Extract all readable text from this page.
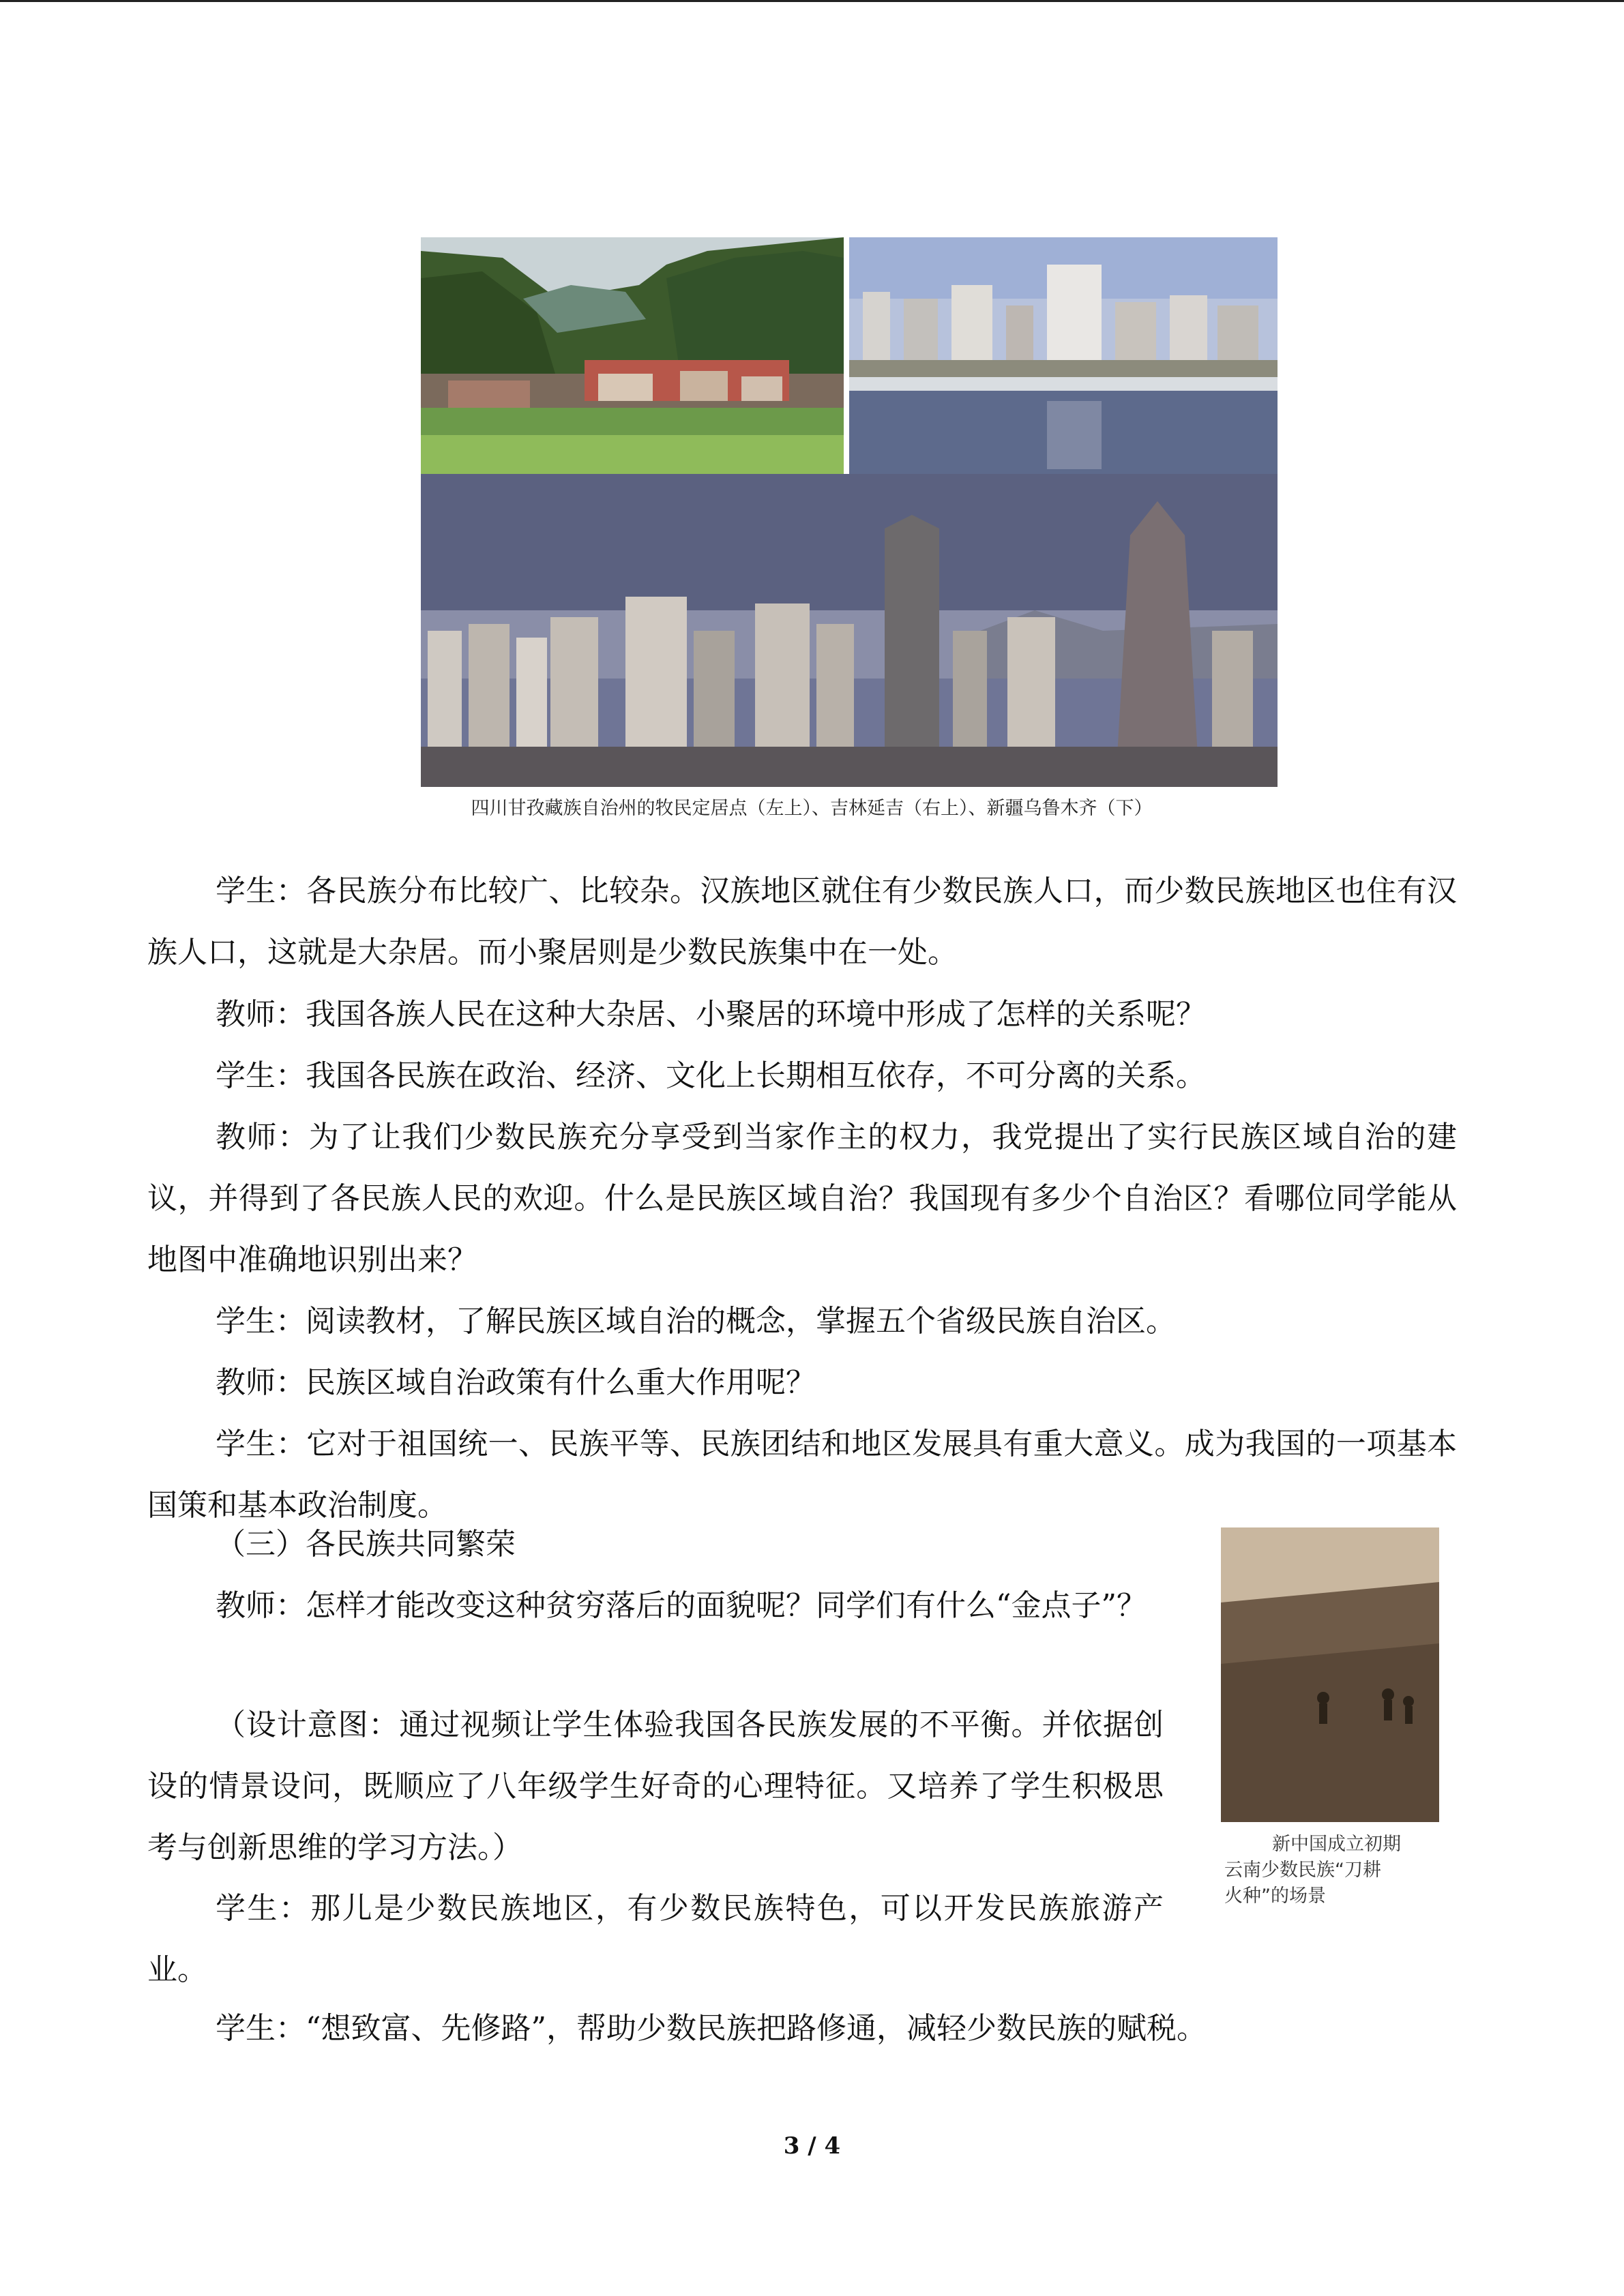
四川甘孜藏族自治州的牧民定居点（左上）、吉林延吉（右上）、新疆乌鲁木齐（下）
学生：各民族分布比较广、比较杂。汉族地区就住有少数民族人口，而少数民族地区也住有汉族人口，这就是大杂居。而小聚居则是少数民族集中在一处。
教师：我国各族人民在这种大杂居、小聚居的环境中形成了怎样的关系呢？
学生：我国各民族在政治、经济、文化上长期相互依存，不可分离的关系。
教师：为了让我们少数民族充分享受到当家作主的权力，我党提出了实行民族区域自治的建议，并得到了各民族人民的欢迎。什么是民族区域自治？我国现有多少个自治区？看哪位同学能从地图中准确地识别出来？
学生：阅读教材，了解民族区域自治的概念，掌握五个省级民族自治区。
教师：民族区域自治政策有什么重大作用呢？
学生：它对于祖国统一、民族平等、民族团结和地区发展具有重大意义。成为我国的一项基本国策和基本政治制度。
（三）各民族共同繁荣
教师：怎样才能改变这种贫穷落后的面貌呢？同学们有什么“金点子”？
（设计意图：通过视频让学生体验我国各民族发展的不平衡。并依据创设的情景设问，既顺应了八年级学生好奇的心理特征。又培养了学生积极思考与创新思维的学习方法。）
学生：那儿是少数民族地区，有少数民族特色，可以开发民族旅游产业。
学生：“想致富、先修路”，帮助少数民族把路修通，减轻少数民族的赋税。
新中国成立初期
云南少数民族“刀耕
火种”的场景
3 / 4
